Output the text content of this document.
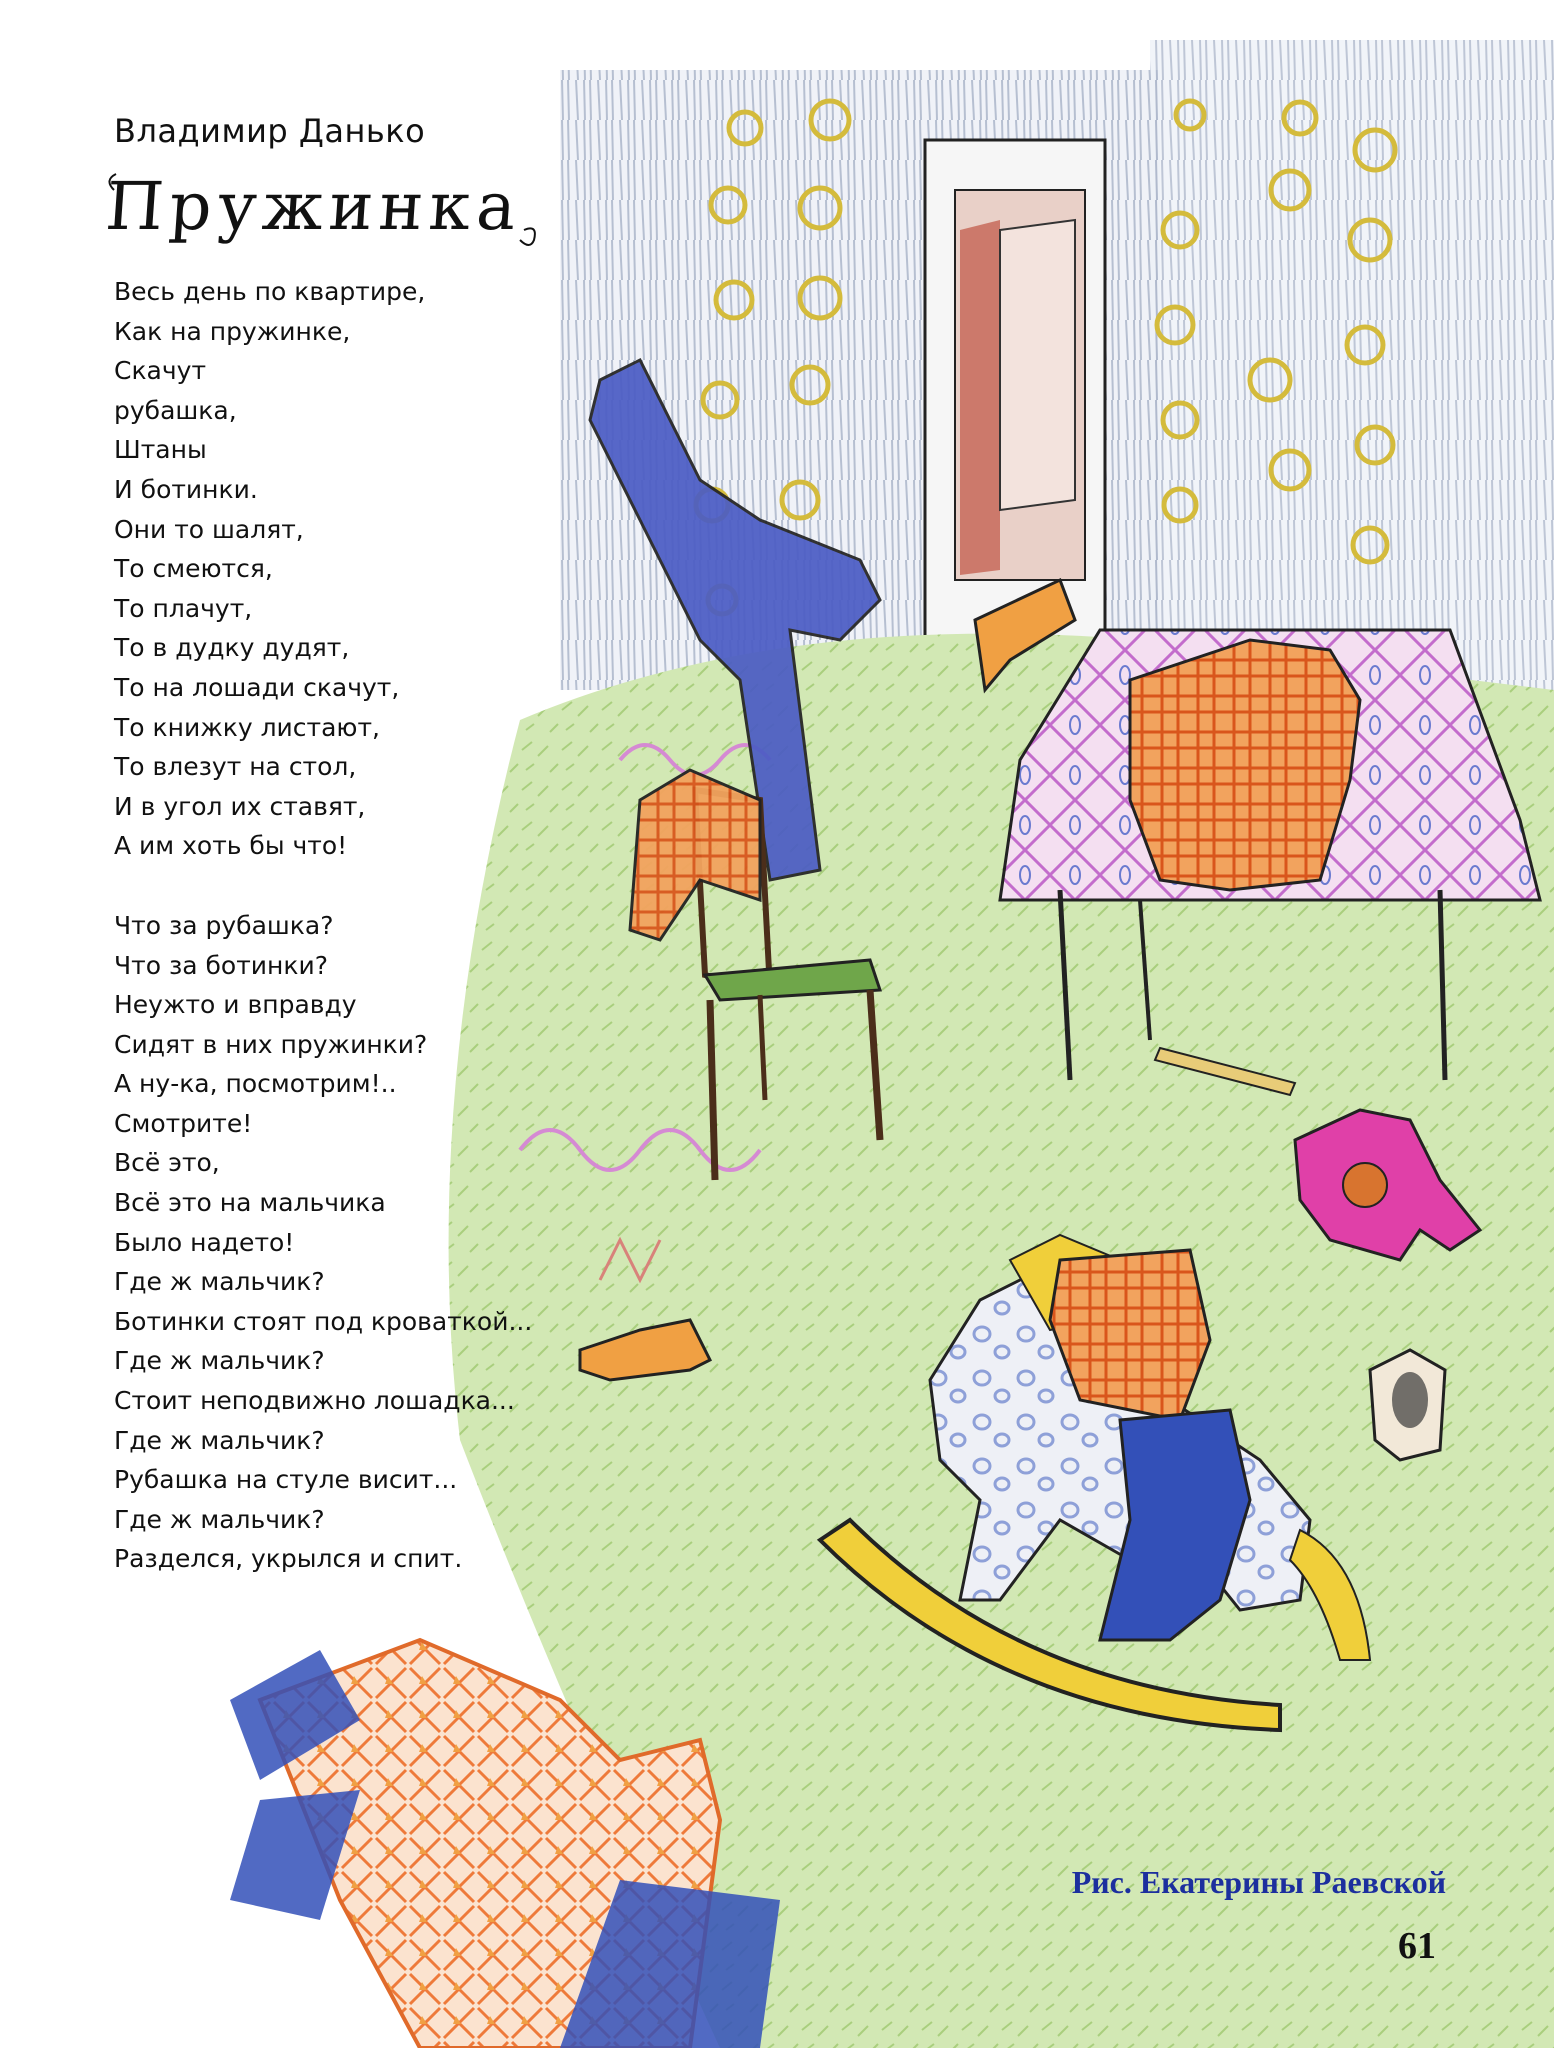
Владимир Данько
Пружинка
Весь день по квартире,
Как на пружинке,
Скачут
рубашка,
Штаны
И ботинки.
Они то шалят,
То смеются,
То плачут,
То в дудку дудят,
То на лошади скачут,
То книжку листают,
То влезут на стол,
И в угол их ставят,
А им хоть бы что!
Что за рубашка?
Что за ботинки?
Неужто и вправду
Сидят в них пружинки?
А ну-ка, посмотрим!..
Смотрите!
Всё это,
Всё это на мальчика
Было надето!
Где ж мальчик?
Ботинки стоят под кроваткой...
Где ж мальчик?
Стоит неподвижно лошадка...
Где ж мальчик?
Рубашка на стуле висит...
Где ж мальчик?
Разделся, укрылся и спит.
Рис. Екатерины Раевской
61
